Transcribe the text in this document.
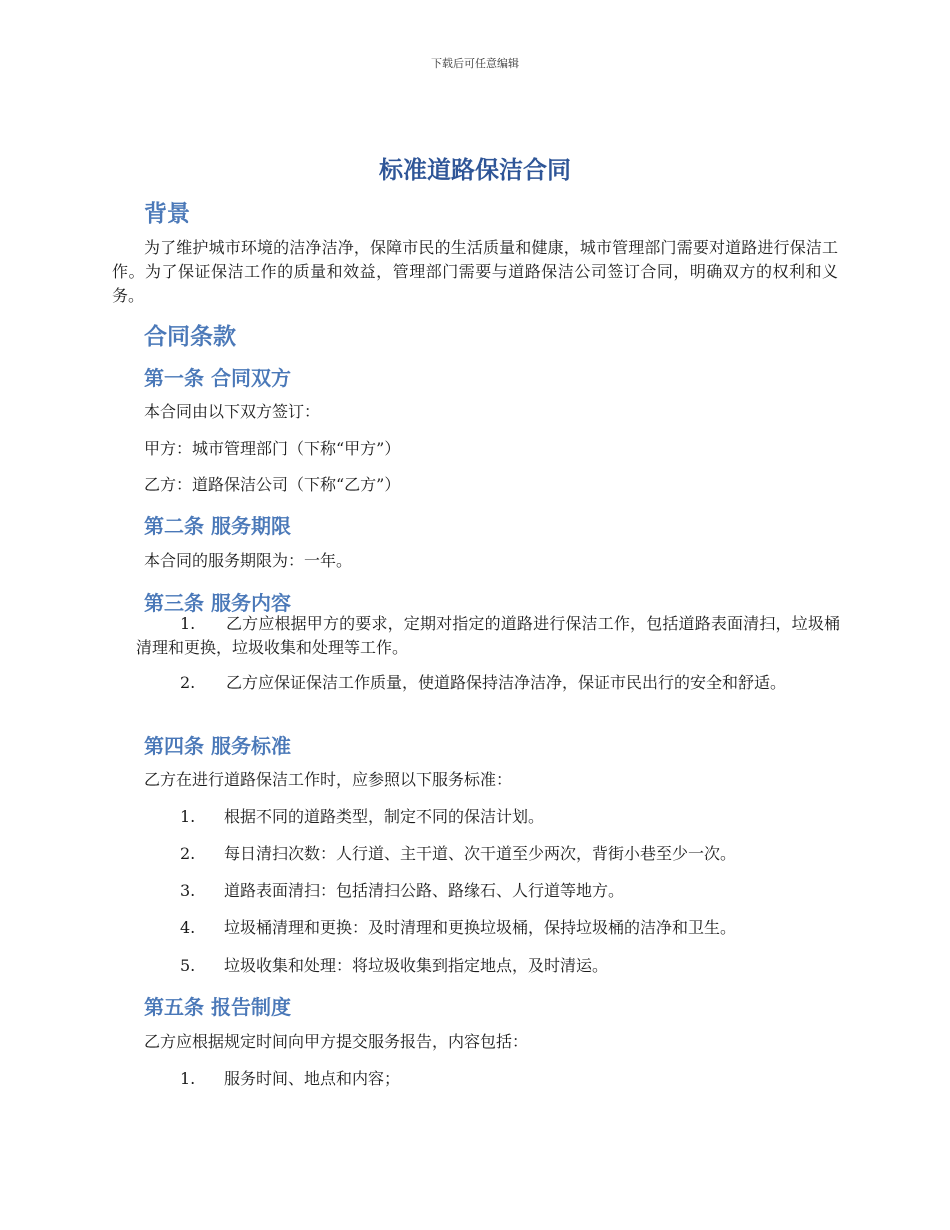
下载后可任意编辑
标准道路保洁合同
背景
为了维护城市环境的洁净洁净，保障市民的生活质量和健康，城市管理部门需要对道路进行保洁工作。为了保证保洁工作的质量和效益，管理部门需要与道路保洁公司签订合同，明确双方的权利和义务。
合同条款
第一条 合同双方
本合同由以下双方签订：
甲方：城市管理部门（下称“甲方”）
乙方：道路保洁公司（下称“乙方”）
第二条 服务期限
本合同的服务期限为：一年。
第三条 服务内容
1.	乙方应根据甲方的要求，定期对指定的道路进行保洁工作，包括道路表面清扫，垃圾桶清理和更换，垃圾收集和处理等工作。
2.	乙方应保证保洁工作质量，使道路保持洁净洁净，保证市民出行的安全和舒适。
第四条 服务标准
乙方在进行道路保洁工作时，应参照以下服务标准：
1.	根据不同的道路类型，制定不同的保洁计划。
2.	每日清扫次数：人行道、主干道、次干道至少两次，背街小巷至少一次。
3.	道路表面清扫：包括清扫公路、路缘石、人行道等地方。
4.	垃圾桶清理和更换：及时清理和更换垃圾桶，保持垃圾桶的洁净和卫生。
5.	垃圾收集和处理：将垃圾收集到指定地点，及时清运。
第五条 报告制度
乙方应根据规定时间向甲方提交服务报告，内容包括：
1.	服务时间、地点和内容；
